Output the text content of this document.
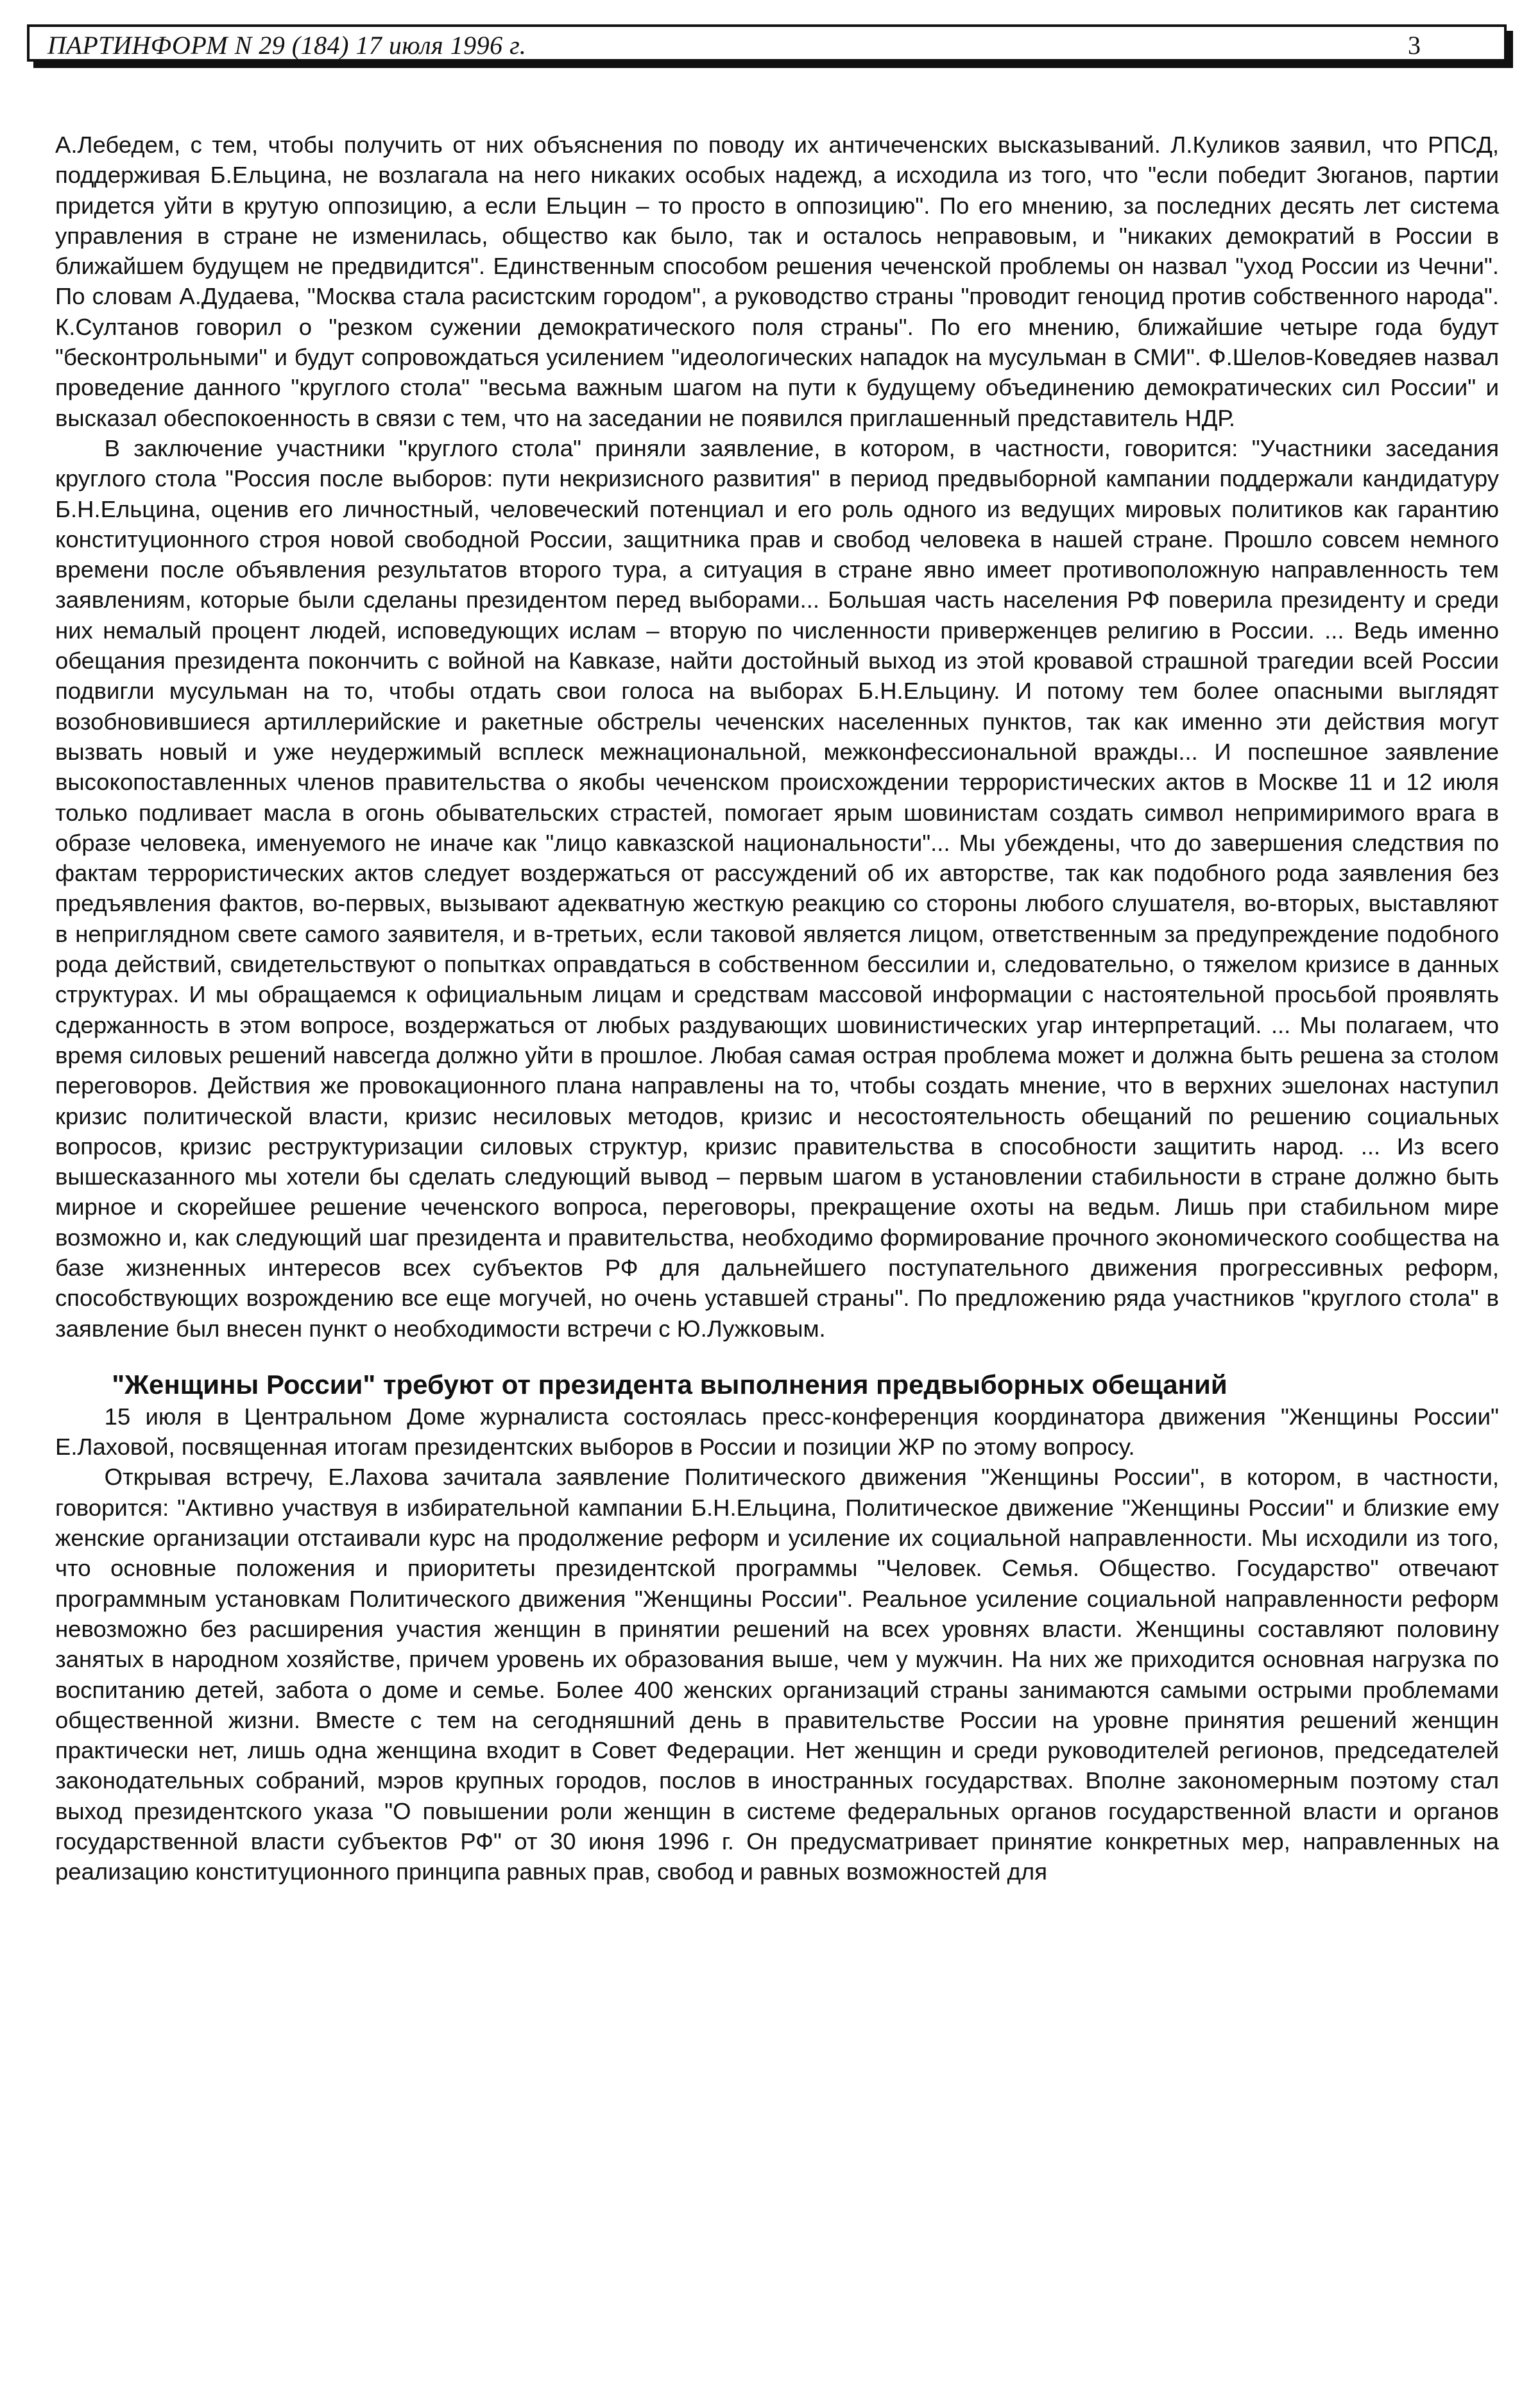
ПАРТИНФОРМ N 29 (184) 17 июля 1996 г.	3

А.Лебедем, с тем, чтобы получить от них объяснения по поводу их античеченских высказываний. Л.Куликов заявил, что РПСД, поддерживая Б.Ельцина, не возлагала на него никаких особых надежд, а исходила из того, что "если победит Зюганов, партии придется уйти в крутую оппозицию, а если Ельцин – то просто в оппозицию". По его мнению, за последних десять лет система управления в стране не изменилась, общество как было, так и осталось неправовым, и "никаких демократий в России в ближайшем будущем не предвидится". Единственным способом решения чеченской проблемы он назвал "уход России из Чечни". По словам А.Дудаева, "Москва стала расистским городом", а руководство страны "проводит геноцид против собственного народа". К.Султанов говорил о "резком сужении демократического поля страны". По его мнению, ближайшие четыре года будут "бесконтрольными" и будут сопровождаться усилением "идеологических нападок на мусульман в СМИ". Ф.Шелов-Коведяев назвал проведение данного "круглого стола" "весьма важным шагом на пути к будущему объединению демократических сил России" и высказал обеспокоенность в связи с тем, что на заседании не появился приглашенный представитель НДР.

В заключение участники "круглого стола" приняли заявление, в котором, в частности, говорится: "Участники заседания круглого стола "Россия после выборов: пути некризисного развития" в период предвыборной кампании поддержали кандидатуру Б.Н.Ельцина, оценив его личностный, человеческий потенциал и его роль одного из ведущих мировых политиков как гарантию конституционного строя новой свободной России, защитника прав и свобод человека в нашей стране. Прошло совсем немного времени после объявления результатов второго тура, а ситуация в стране явно имеет противоположную направленность тем заявлениям, которые были сделаны президентом перед выборами... Большая часть населения РФ поверила президенту и среди них немалый процент людей, исповедующих ислам – вторую по численности приверженцев религию в России. ... Ведь именно обещания президента покончить с войной на Кавказе, найти достойный выход из этой кровавой страшной трагедии всей России подвигли мусульман на то, чтобы отдать свои голоса на выборах Б.Н.Ельцину. И потому тем более опасными выглядят возобновившиеся артиллерийские и ракетные обстрелы чеченских населенных пунктов, так как именно эти действия могут вызвать новый и уже неудержимый всплеск межнациональной, межконфессиональной вражды... И поспешное заявление высокопоставленных членов правительства о якобы чеченском происхождении террористических актов в Москве 11 и 12 июля только подливает масла в огонь обывательских страстей, помогает ярым шовинистам создать символ непримиримого врага в образе человека, именуемого не иначе как "лицо кавказской национальности"... Мы убеждены, что до завершения следствия по фактам террористических актов следует воздержаться от рассуждений об их авторстве, так как подобного рода заявления без предъявления фактов, во-первых, вызывают адекватную жесткую реакцию со стороны любого слушателя, во-вторых, выставляют в неприглядном свете самого заявителя, и в-третьих, если таковой является лицом, ответственным за предупреждение подобного рода действий, свидетельствуют о попытках оправдаться в собственном бессилии и, следовательно, о тяжелом кризисе в данных структурах. И мы обращаемся к официальным лицам и средствам массовой информации с настоятельной просьбой проявлять сдержанность в этом вопросе, воздержаться от любых раздувающих шовинистических угар интерпретаций. ... Мы полагаем, что время силовых решений навсегда должно уйти в прошлое. Любая самая острая проблема может и должна быть решена за столом переговоров. Действия же провокационного плана направлены на то, чтобы создать мнение, что в верхних эшелонах наступил кризис политической власти, кризис несиловых методов, кризис и несостоятельность обещаний по решению социальных вопросов, кризис реструктуризации силовых структур, кризис правительства в способности защитить народ. ... Из всего вышесказанного мы хотели бы сделать следующий вывод – первым шагом в установлении стабильности в стране должно быть мирное и скорейшее решение чеченского вопроса, переговоры, прекращение охоты на ведьм. Лишь при стабильном мире возможно и, как следующий шаг президента и правительства, необходимо формирование прочного экономического сообщества на базе жизненных интересов всех субъектов РФ для дальнейшего поступательного движения прогрессивных реформ, способствующих возрождению все еще могучей, но очень уставшей страны". По предложению ряда участников "круглого стола" в заявление был внесен пункт о необходимости встречи с Ю.Лужковым.

"Женщины России" требуют от президента выполнения предвыборных обещаний

15 июля в Центральном Доме журналиста состоялась пресс-конференция координатора движения "Женщины России" Е.Лаховой, посвященная итогам президентских выборов в России и позиции ЖР по этому вопросу.

Открывая встречу, Е.Лахова зачитала заявление Политического движения "Женщины России", в котором, в частности, говорится: "Активно участвуя в избирательной кампании Б.Н.Ельцина, Политическое движение "Женщины России" и близкие ему женские организации отстаивали курс на продолжение реформ и усиление их социальной направленности. Мы исходили из того, что основные положения и приоритеты президентской программы "Человек. Семья. Общество. Государство" отвечают программным установкам Политического движения "Женщины России". Реальное усиление социальной направленности реформ невозможно без расширения участия женщин в принятии решений на всех уровнях власти. Женщины составляют половину занятых в народном хозяйстве, причем уровень их образования выше, чем у мужчин. На них же приходится основная нагрузка по воспитанию детей, забота о доме и семье. Более 400 женских организаций страны занимаются самыми острыми проблемами общественной жизни. Вместе с тем на сегодняшний день в правительстве России на уровне принятия решений женщин практически нет, лишь одна женщина входит в Совет Федерации. Нет женщин и среди руководителей регионов, председателей законодательных собраний, мэров крупных городов, послов в иностранных государствах. Вполне закономерным поэтому стал выход президентского указа "О повышении роли женщин в системе федеральных органов государственной власти и органов государственной власти субъектов РФ" от 30 июня 1996 г. Он предусматривает принятие конкретных мер, направленных на реализацию конституционного принципа равных прав, свобод и равных возможностей для
